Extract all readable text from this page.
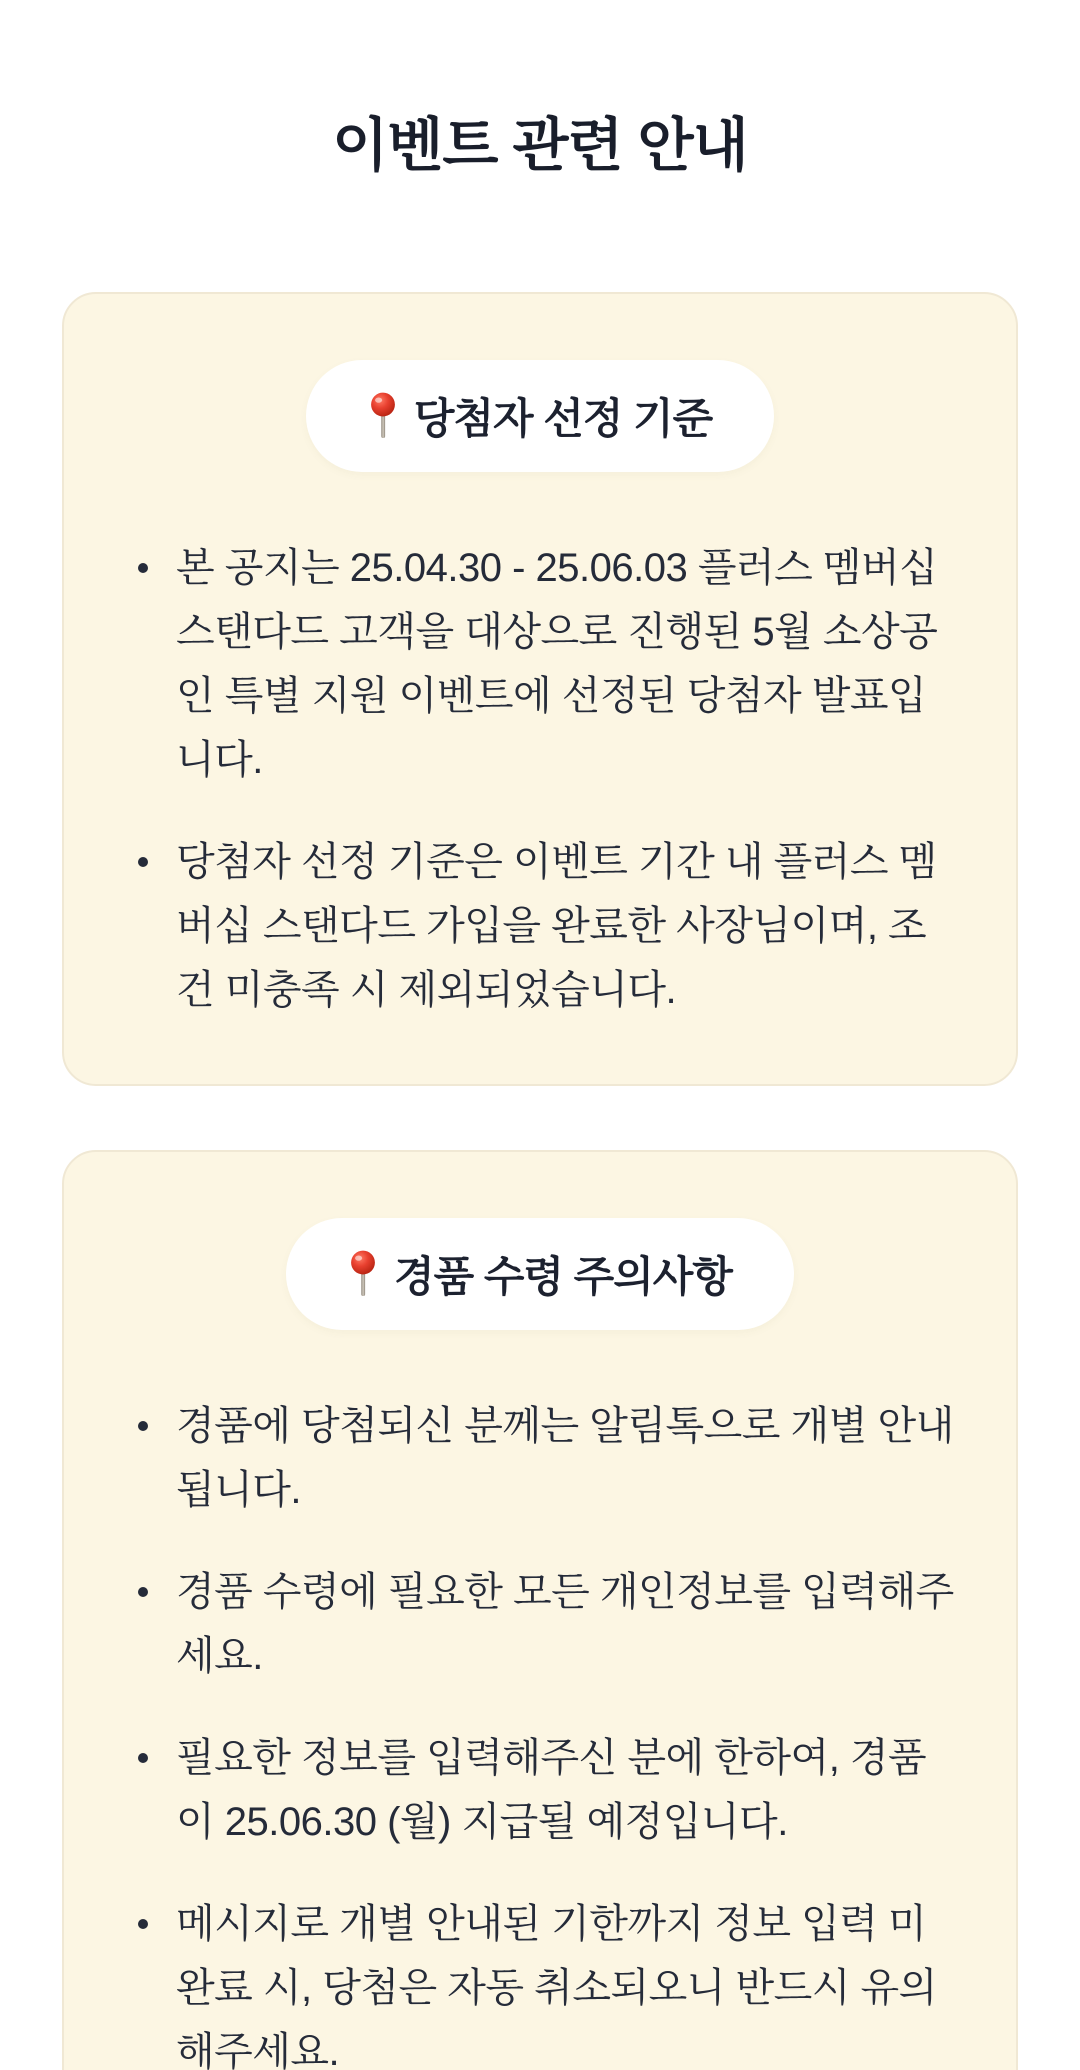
이벤트 관련 안내
당첨자 선정 기준
본 공지는 25.04.30 - 25.06.03 플러스 멤버십 스탠다드 고객을 대상으로 진행된 5월 소상공인 특별 지원 이벤트에 선정된 당첨자 발표입니다.
당첨자 선정 기준은 이벤트 기간 내 플러스 멤버십 스탠다드 가입을 완료한 사장님이며, 조건 미충족 시 제외되었습니다.
경품 수령 주의사항
경품에 당첨되신 분께는 알림톡으로 개별 안내됩니다.
경품 수령에 필요한 모든 개인정보를 입력해주세요.
필요한 정보를 입력해주신 분에 한하여, 경품이 25.06.30 (월) 지급될 예정입니다.
메시지로 개별 안내된 기한까지 정보 입력 미완료 시, 당첨은 자동 취소되오니 반드시 유의해주세요.
